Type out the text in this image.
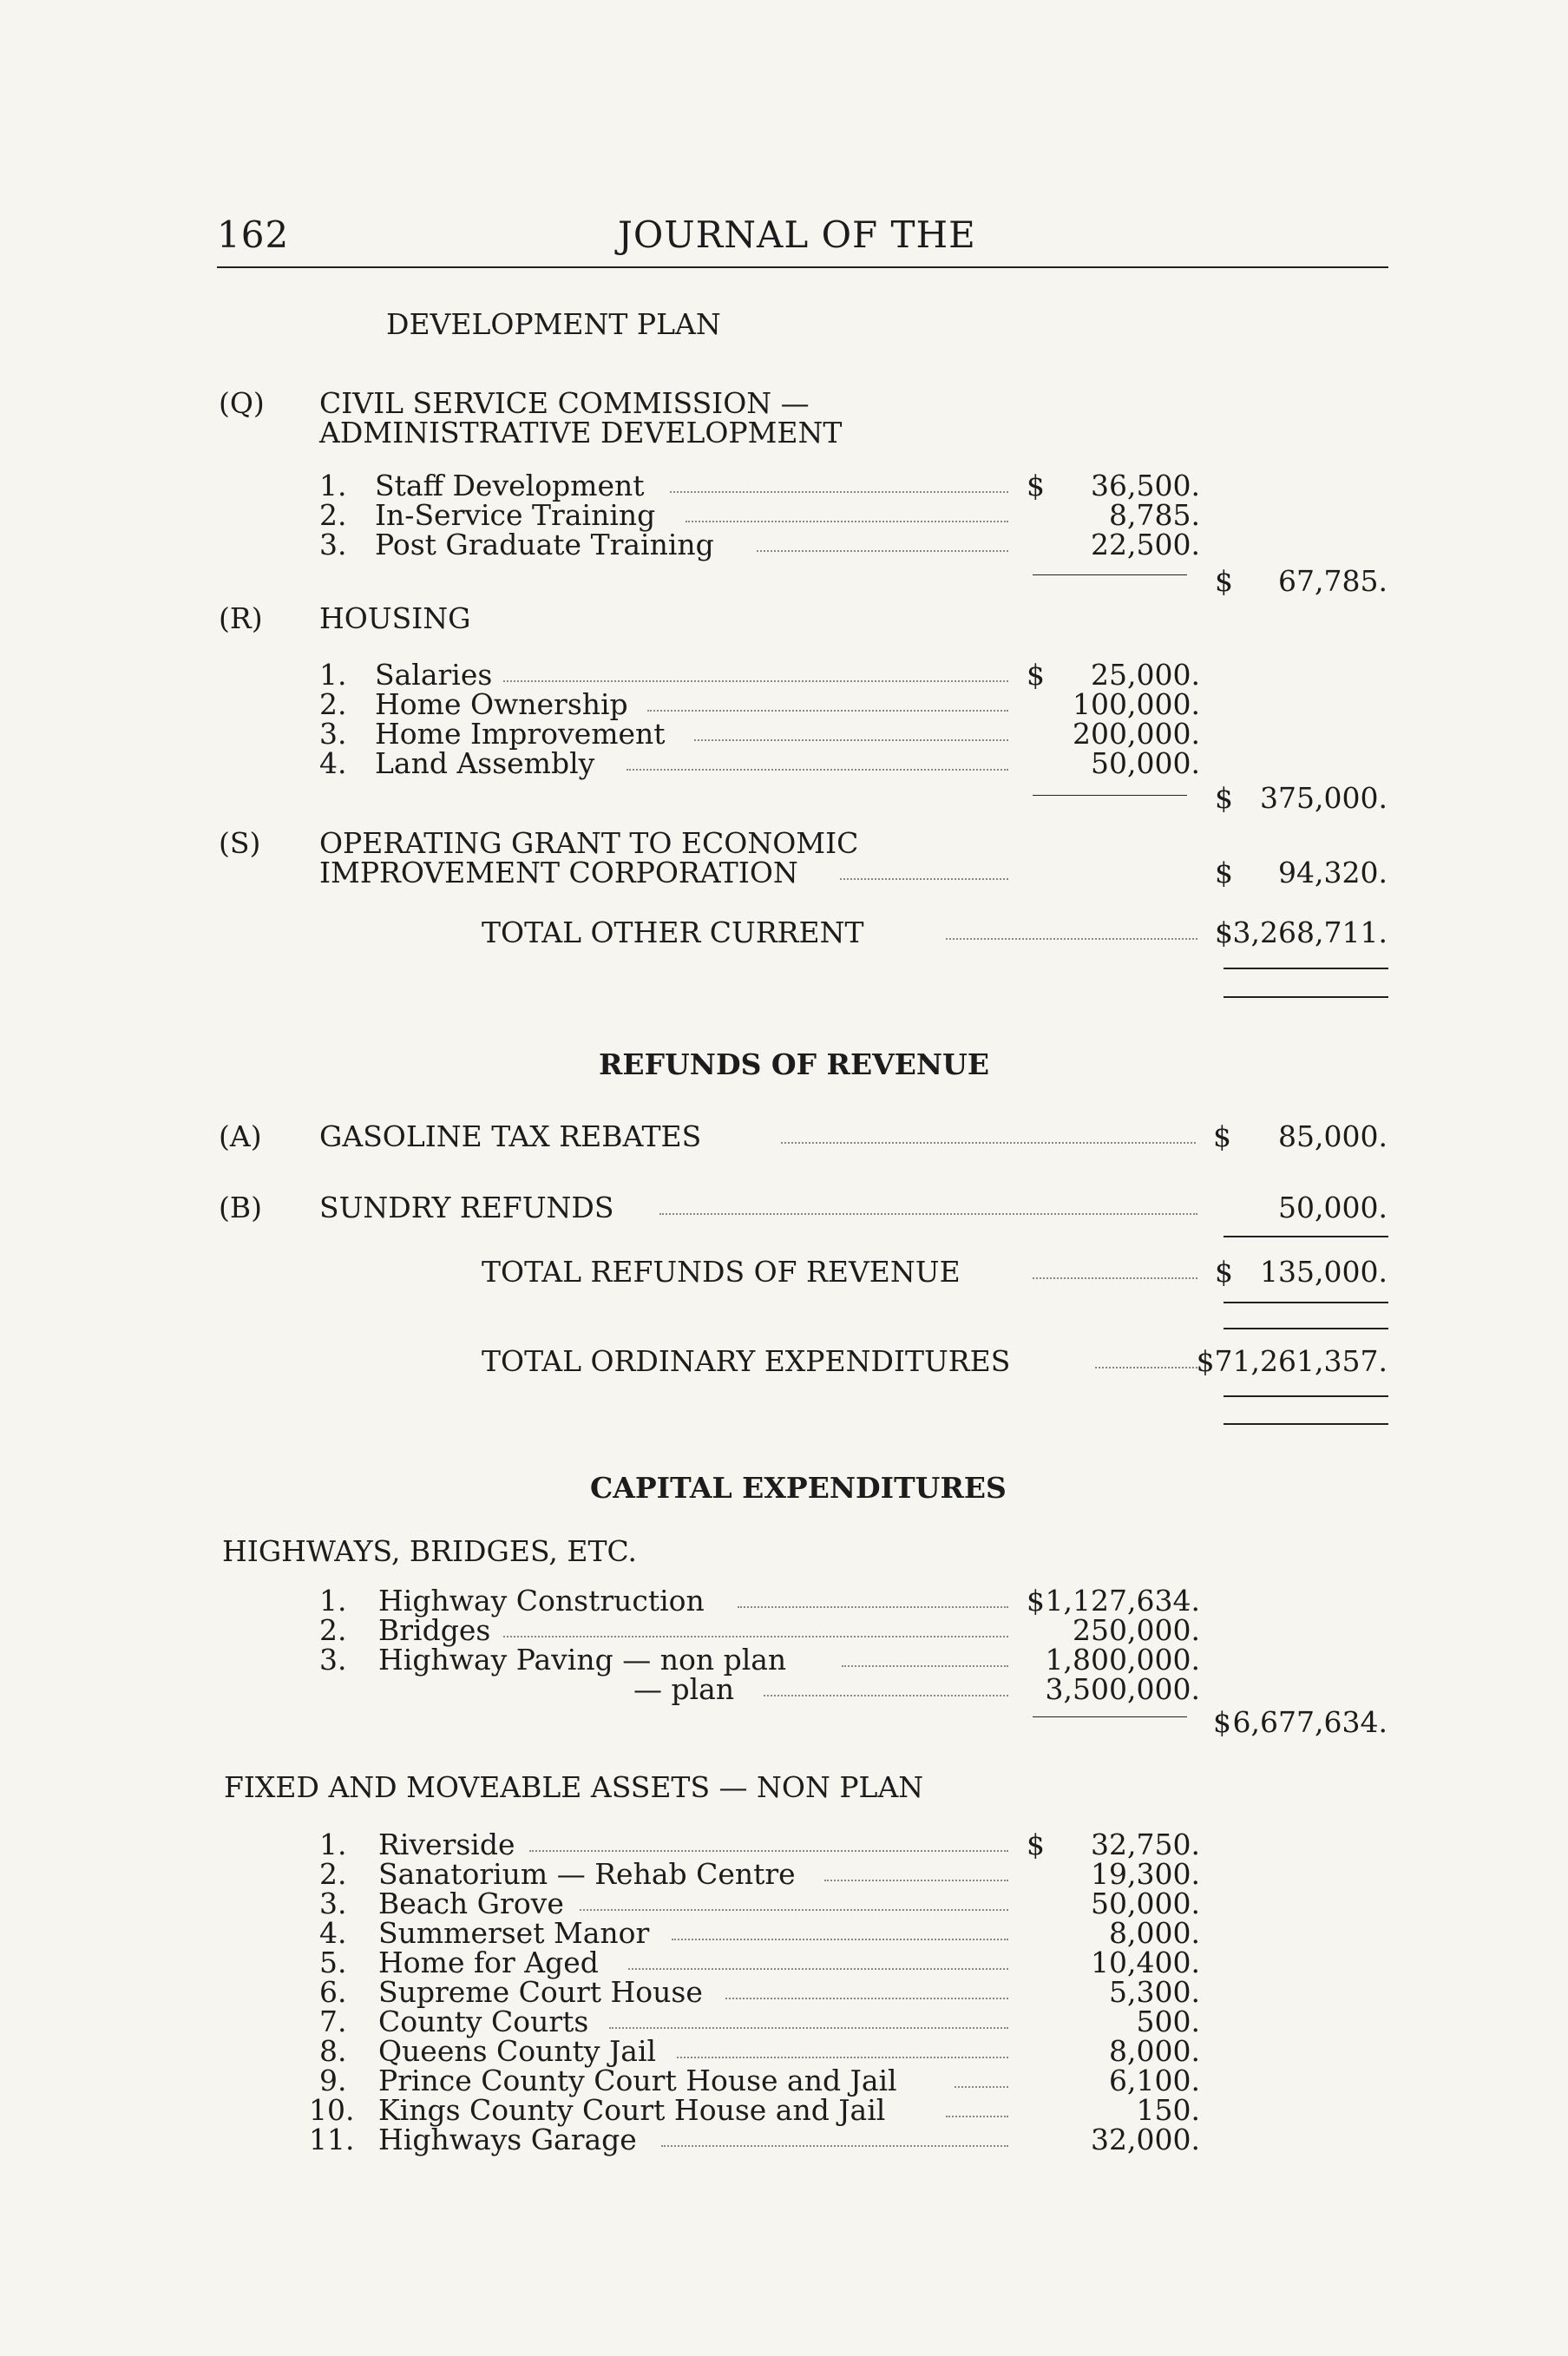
162	JOURNAL OF THE
DEVELOPMENT PLAN
(Q) CIVIL SERVICE COMMISSION —
ADMINISTRATIVE DEVELOPMENT
1. Staff Development	$ 36,500.
2. In-Service Training	8,785.
3. Post Graduate Training	22,500.
$ 67,785.
(R) HOUSING
1. Salaries	$ 25,000.
2. Home Ownership	100,000.
3. Home Improvement	200,000.
4. Land Assembly	50,000.
$ 375,000.
(S) OPERATING GRANT TO ECONOMIC
IMPROVEMENT CORPORATION	$ 94,320.
TOTAL OTHER CURRENT	$ 3,268,711.
REFUNDS OF REVENUE
(A) GASOLINE TAX REBATES	$ 85,000.
(B) SUNDRY REFUNDS	50,000.
TOTAL REFUNDS OF REVENUE	$ 135,000.
TOTAL ORDINARY EXPENDITURES	$71,261,357.
CAPITAL EXPENDITURES
HIGHWAYS, BRIDGES, ETC.
1. Highway Construction	$ 1,127,634.
2. Bridges	250,000.
3. Highway Paving — non plan	1,800,000.
— plan	3,500,000.
$ 6,677,634.
FIXED AND MOVEABLE ASSETS — NON PLAN
1. Riverside	$ 32,750.
2. Sanatorium — Rehab Centre	19,300.
3. Beach Grove	50,000.
4. Summerset Manor	8,000.
5. Home for Aged	10,400.
6. Supreme Court House	5,300.
7. County Courts	500.
8. Queens County Jail	8,000.
9. Prince County Court House and Jail	6,100.
10. Kings County Court House and Jail	150.
11. Highways Garage	32,000.
